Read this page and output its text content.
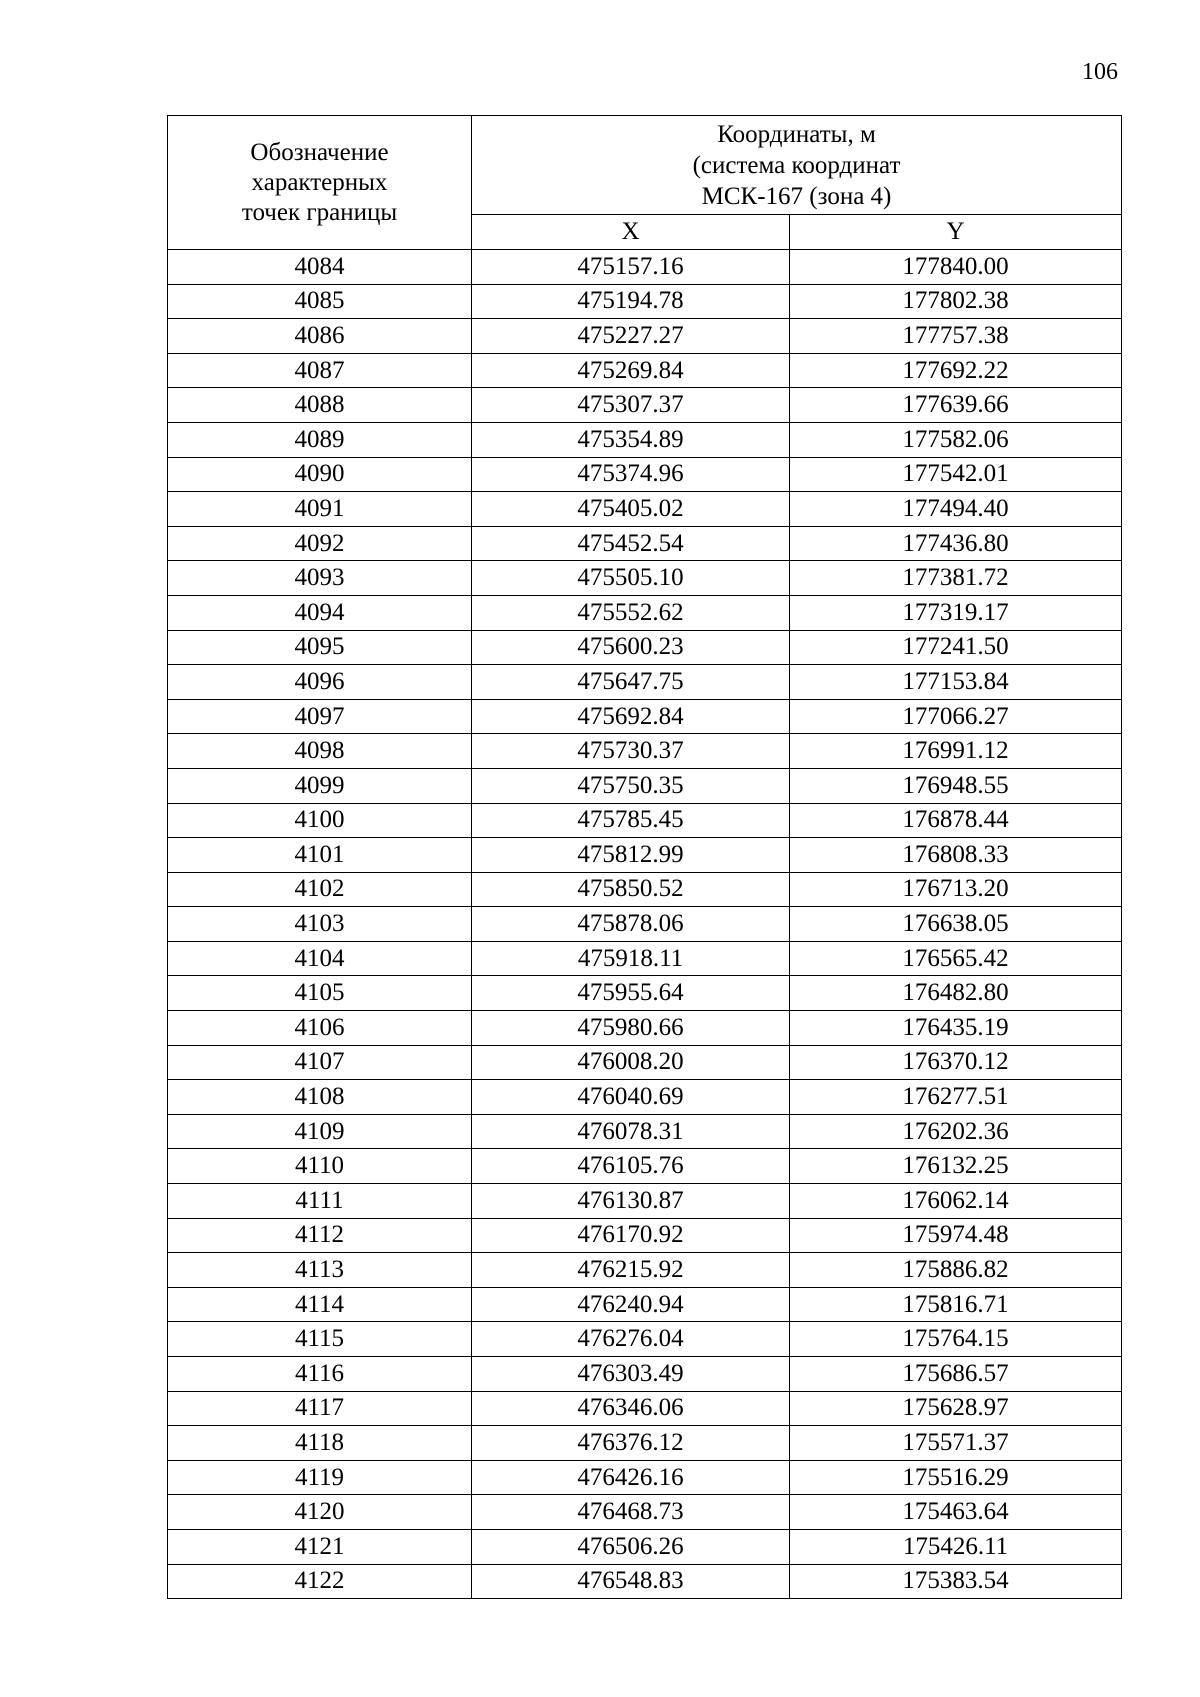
106
Обозначение
характерных
точек границы	Координаты, м
(система координат
МСК-167 (зона 4)	

	X	Y
4084	475157.16	177840.00
4085	475194.78	177802.38
4086	475227.27	177757.38
4087	475269.84	177692.22
4088	475307.37	177639.66
4089	475354.89	177582.06
4090	475374.96	177542.01
4091	475405.02	177494.40
4092	475452.54	177436.80
4093	475505.10	177381.72
4094	475552.62	177319.17
4095	475600.23	177241.50
4096	475647.75	177153.84
4097	475692.84	177066.27
4098	475730.37	176991.12
4099	475750.35	176948.55
4100	475785.45	176878.44
4101	475812.99	176808.33
4102	475850.52	176713.20
4103	475878.06	176638.05
4104	475918.11	176565.42
4105	475955.64	176482.80
4106	475980.66	176435.19
4107	476008.20	176370.12
4108	476040.69	176277.51
4109	476078.31	176202.36
4110	476105.76	176132.25
4111	476130.87	176062.14
4112	476170.92	175974.48
4113	476215.92	175886.82
4114	476240.94	175816.71
4115	476276.04	175764.15
4116	476303.49	175686.57
4117	476346.06	175628.97
4118	476376.12	175571.37
4119	476426.16	175516.29
4120	476468.73	175463.64
4121	476506.26	175426.11
4122	476548.83	175383.54
